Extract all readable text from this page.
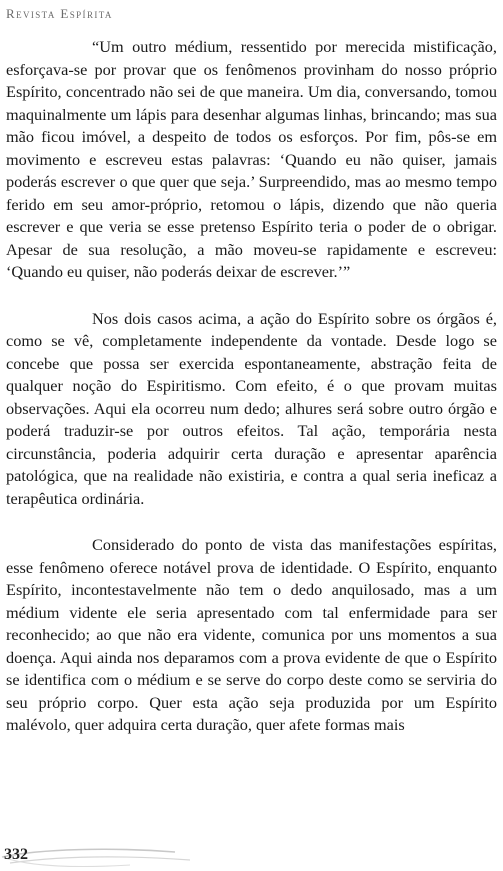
Revista Espírita

“Um outro médium, ressentido por merecida mistificação, esforçava-se por provar que os fenômenos provinham do nosso próprio Espírito, concentrado não sei de que maneira. Um dia, conversando, tomou maquinalmente um lápis para desenhar algumas linhas, brincando; mas sua mão ficou imóvel, a despeito de todos os esforços. Por fim, pôs-se em movimento e escreveu estas palavras: ‘Quando eu não quiser, jamais poderás escrever o que quer que seja.’ Surpreendido, mas ao mesmo tempo ferido em seu amor-próprio, retomou o lápis, dizendo que não queria escrever e que veria se esse pretenso Espírito teria o poder de o obrigar. Apesar de sua resolução, a mão moveu-se rapidamente e escreveu: ‘Quando eu quiser, não poderás deixar de escrever.’”

Nos dois casos acima, a ação do Espírito sobre os órgãos é, como se vê, completamente independente da vontade. Desde logo se concebe que possa ser exercida espontaneamente, abstração feita de qualquer noção do Espiritismo. Com efeito, é o que provam muitas observações. Aqui ela ocorreu num dedo; alhures será sobre outro órgão e poderá traduzir-se por outros efeitos. Tal ação, temporária nesta circunstância, poderia adquirir certa duração e apresentar aparência patológica, que na realidade não existiria, e contra a qual seria ineficaz a terapêutica ordinária.

Considerado do ponto de vista das manifestações espíritas, esse fenômeno oferece notável prova de identidade. O Espírito, enquanto Espírito, incontestavelmente não tem o dedo anquilosado, mas a um médium vidente ele seria apresentado com tal enfermidade para ser reconhecido; ao que não era vidente, comunica por uns momentos a sua doença. Aqui ainda nos deparamos com a prova evidente de que o Espírito se identifica com o médium e se serve do corpo deste como se serviria do seu próprio corpo. Quer esta ação seja produzida por um Espírito malévolo, quer adquira certa duração, quer afete formas mais

332
